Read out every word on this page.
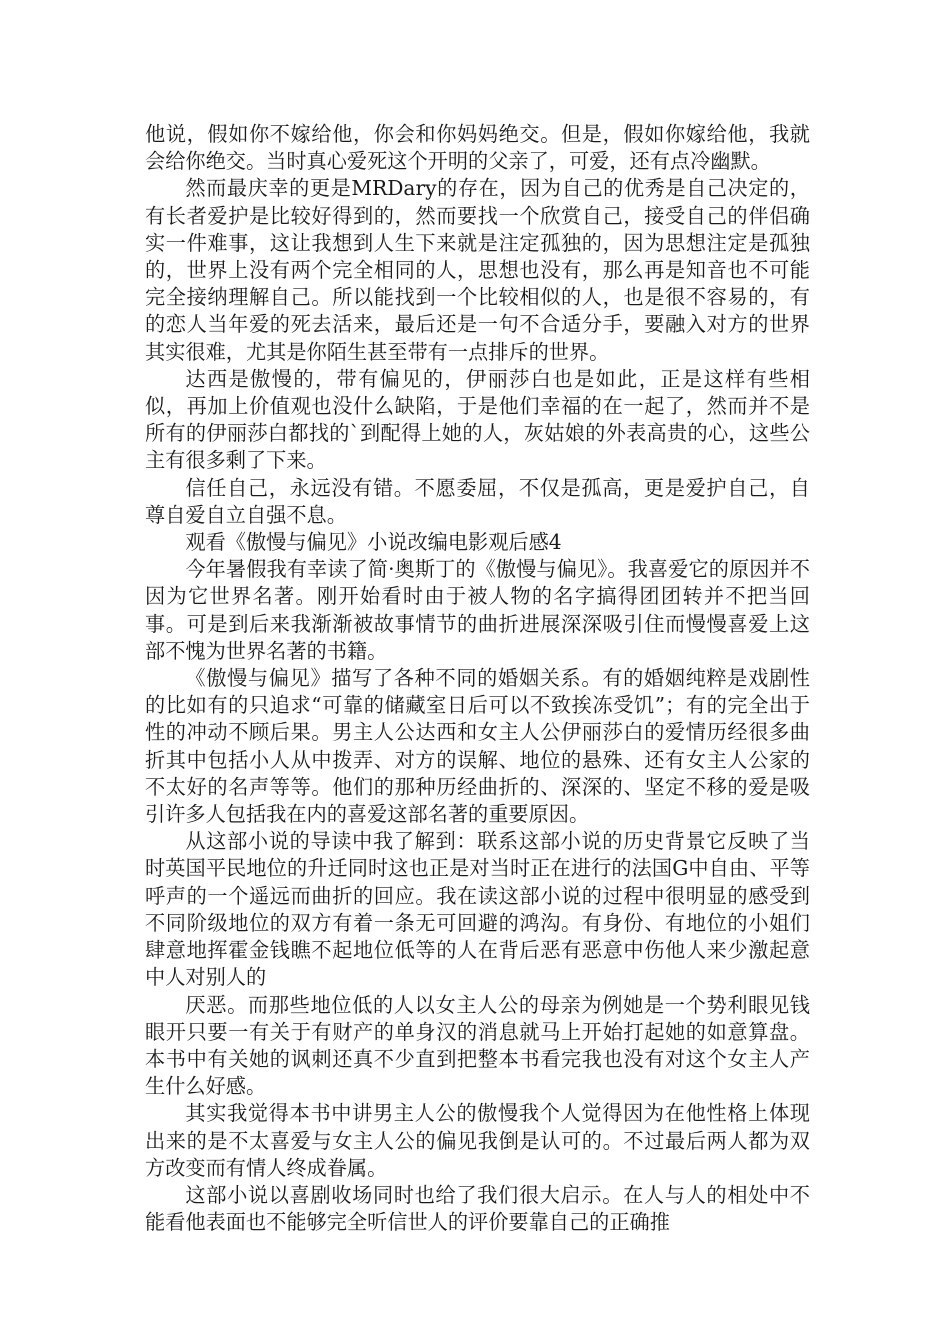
他说，假如你不嫁给他，你会和你妈妈绝交。但是，假如你嫁给他，我就会给你绝交。当时真心爱死这个开明的父亲了，可爱，还有点冷幽默。

然而最庆幸的更是MRDary的存在，因为自己的优秀是自己决定的，有长者爱护是比较好得到的，然而要找一个欣赏自己，接受自己的伴侣确实一件难事，这让我想到人生下来就是注定孤独的，因为思想注定是孤独的，世界上没有两个完全相同的人，思想也没有，那么再是知音也不可能完全接纳理解自己。所以能找到一个比较相似的人，也是很不容易的，有的恋人当年爱的死去活来，最后还是一句不合适分手，要融入对方的世界其实很难，尤其是你陌生甚至带有一点排斥的世界。

达西是傲慢的，带有偏见的，伊丽莎白也是如此，正是这样有些相似，再加上价值观也没什么缺陷，于是他们幸福的在一起了，然而并不是所有的伊丽莎白都找的`到配得上她的人，灰姑娘的外表高贵的心，这些公主有很多剩了下来。

信任自己，永远没有错。不愿委屈，不仅是孤高，更是爱护自己，自尊自爱自立自强不息。

观看《傲慢与偏见》小说改编电影观后感4

今年暑假我有幸读了简·奥斯丁的《傲慢与偏见》。我喜爱它的原因并不因为它世界名著。刚开始看时由于被人物的名字搞得团团转并不把当回事。可是到后来我渐渐被故事情节的曲折进展深深吸引住而慢慢喜爱上这部不愧为世界名著的书籍。

《傲慢与偏见》描写了各种不同的婚姻关系。有的婚姻纯粹是戏剧性的比如有的只追求“可靠的储藏室日后可以不致挨冻受饥”；有的完全出于性的冲动不顾后果。男主人公达西和女主人公伊丽莎白的爱情历经很多曲折其中包括小人从中拨弄、对方的误解、地位的悬殊、还有女主人公家的不太好的名声等等。他们的那种历经曲折的、深深的、坚定不移的爱是吸引许多人包括我在内的喜爱这部名著的重要原因。

从这部小说的导读中我了解到：联系这部小说的历史背景它反映了当时英国平民地位的升迁同时这也正是对当时正在进行的法国G中自由、平等呼声的一个遥远而曲折的回应。我在读这部小说的过程中很明显的感受到不同阶级地位的双方有着一条无可回避的鸿沟。有身份、有地位的小姐们肆意地挥霍金钱瞧不起地位低等的人在背后恶有恶意中伤他人来少激起意中人对别人的

厌恶。而那些地位低的人以女主人公的母亲为例她是一个势利眼见钱眼开只要一有关于有财产的单身汉的消息就马上开始打起她的如意算盘。本书中有关她的讽刺还真不少直到把整本书看完我也没有对这个女主人产生什么好感。

其实我觉得本书中讲男主人公的傲慢我个人觉得因为在他性格上体现出来的是不太喜爱与女主人公的偏见我倒是认可的。不过最后两人都为双方改变而有情人终成眷属。

这部小说以喜剧收场同时也给了我们很大启示。在人与人的相处中不能看他表面也不能够完全听信世人的评价要靠自己的正确推
